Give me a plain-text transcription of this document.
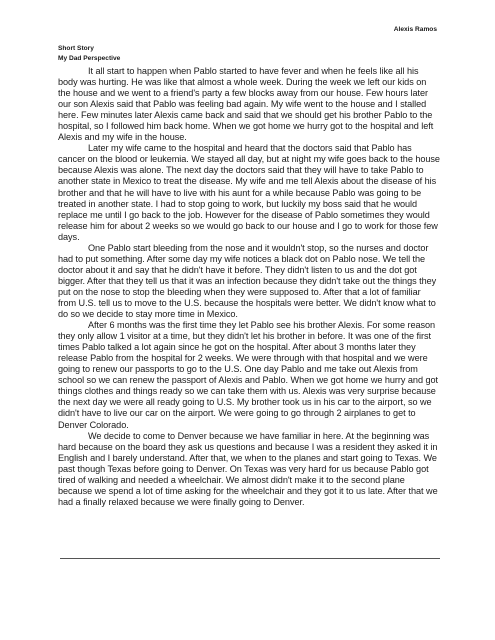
Alexis Ramos
Short Story
My Dad Perspective

It all start to happen when Pablo started to have fever and when he feels like all his body was hurting. He was like that almost a whole week. During the week we left our kids on the house and we went to a friend's party a few blocks away from our house. Few hours later our son Alexis said that Pablo was feeling bad again. My wife went to the house and I stalled here. Few minutes later Alexis came back and said that we should get his brother Pablo to the hospital, so I followed him back home. When we got home we hurry got to the hospital and left Alexis and my wife in the house.

Later my wife came to the hospital and heard that the doctors said that Pablo has cancer on the blood or leukemia. We stayed all day, but at night my wife goes back to the house because Alexis was alone. The next day the doctors said that they will have to take Pablo to another state in Mexico to treat the disease. My wife and me tell Alexis about the disease of his brother and that he will have to live with his aunt for a while because Pablo was going to be treated in another state. I had to stop going to work, but luckily my boss said that he would replace me until I go back to the job. However for the disease of Pablo sometimes they would release him for about 2 weeks so we would go back to our house and I go to work for those few days.

One Pablo start bleeding from the nose and it wouldn't stop, so the nurses and doctor had to put something. After some day my wife notices a black dot on Pablo nose. We tell the doctor about it and say that he didn't have it before. They didn't listen to us and the dot got bigger. After that they tell us that it was an infection because they didn't take out the things they put on the nose to stop the bleeding when they were supposed to. After that a lot of familiar from U.S. tell us to move to the U.S. because the hospitals were better. We didn't know what to do so we decide to stay more time in Mexico.

After 6 months was the first time they let Pablo see his brother Alexis. For some reason they only allow 1 visitor at a time, but they didn't let his brother in before. It was one of the first times Pablo talked a lot again since he got on the hospital. After about 3 months later they release Pablo from the hospital for 2 weeks. We were through with that hospital and we were going to renew our passports to go to the U.S. One day Pablo and me take out Alexis from school so we can renew the passport of Alexis and Pablo. When we got home we hurry and got things clothes and things ready so we can take them with us. Alexis was very surprise because the next day we were all ready going to U.S. My brother took us in his car to the airport, so we didn't have to live our car on the airport. We were going to go through 2 airplanes to get to Denver Colorado.

We decide to come to Denver because we have familiar in here. At the beginning was hard because on the board they ask us questions and because I was a resident they asked it in English and I barely understand. After that, we when to the planes and start going to Texas. We past though Texas before going to Denver. On Texas was very hard for us because Pablo got tired of walking and needed a wheelchair. We almost didn't make it to the second plane because we spend a lot of time asking for the wheelchair and they got it to us late. After that we had a finally relaxed because we were finally going to Denver.
